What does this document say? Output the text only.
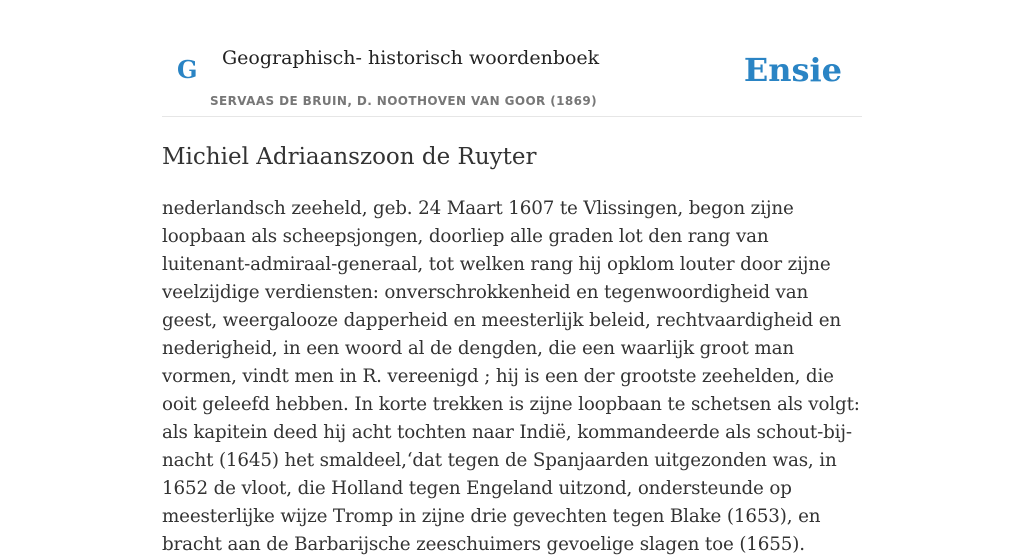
G Geographisch- historisch woordenboek
SERVAAS DE BRUIN, D. NOOTHOVEN VAN GOOR (1869)
Ensie
Michiel Adriaanszoon de Ruyter

nederlandsch zeeheld, geb. 24 Maart 1607 te Vlissingen, begon zijne loopbaan als scheepsjongen, doorliep alle graden lot den rang van luitenant-admiraal-generaal, tot welken rang hij opklom louter door zijne veelzijdige verdiensten: onverschrokkenheid en tegenwoordigheid van geest, weergalooze dapperheid en meesterlijk beleid, rechtvaardigheid en nederigheid, in een woord al de dengden, die een waarlijk groot man vormen, vindt men in R. vereenigd ; hij is een der grootste zeehelden, die ooit geleefd hebben. In korte trekken is zijne loopbaan te schetsen als volgt: als kapitein deed hij acht tochten naar Indië, kommandeerde als schout-bij-nacht (1645) het smaldeel,‘dat tegen de Spanjaarden uitgezonden was, in 1652 de vloot, die Holland tegen Engeland uitzond, ondersteunde op meesterlijke wijze Tromp in zijne drie gevechten tegen Blake (1653), en bracht aan de Barbarijsche zeeschuimers gevoelige slagen toe (1655).
